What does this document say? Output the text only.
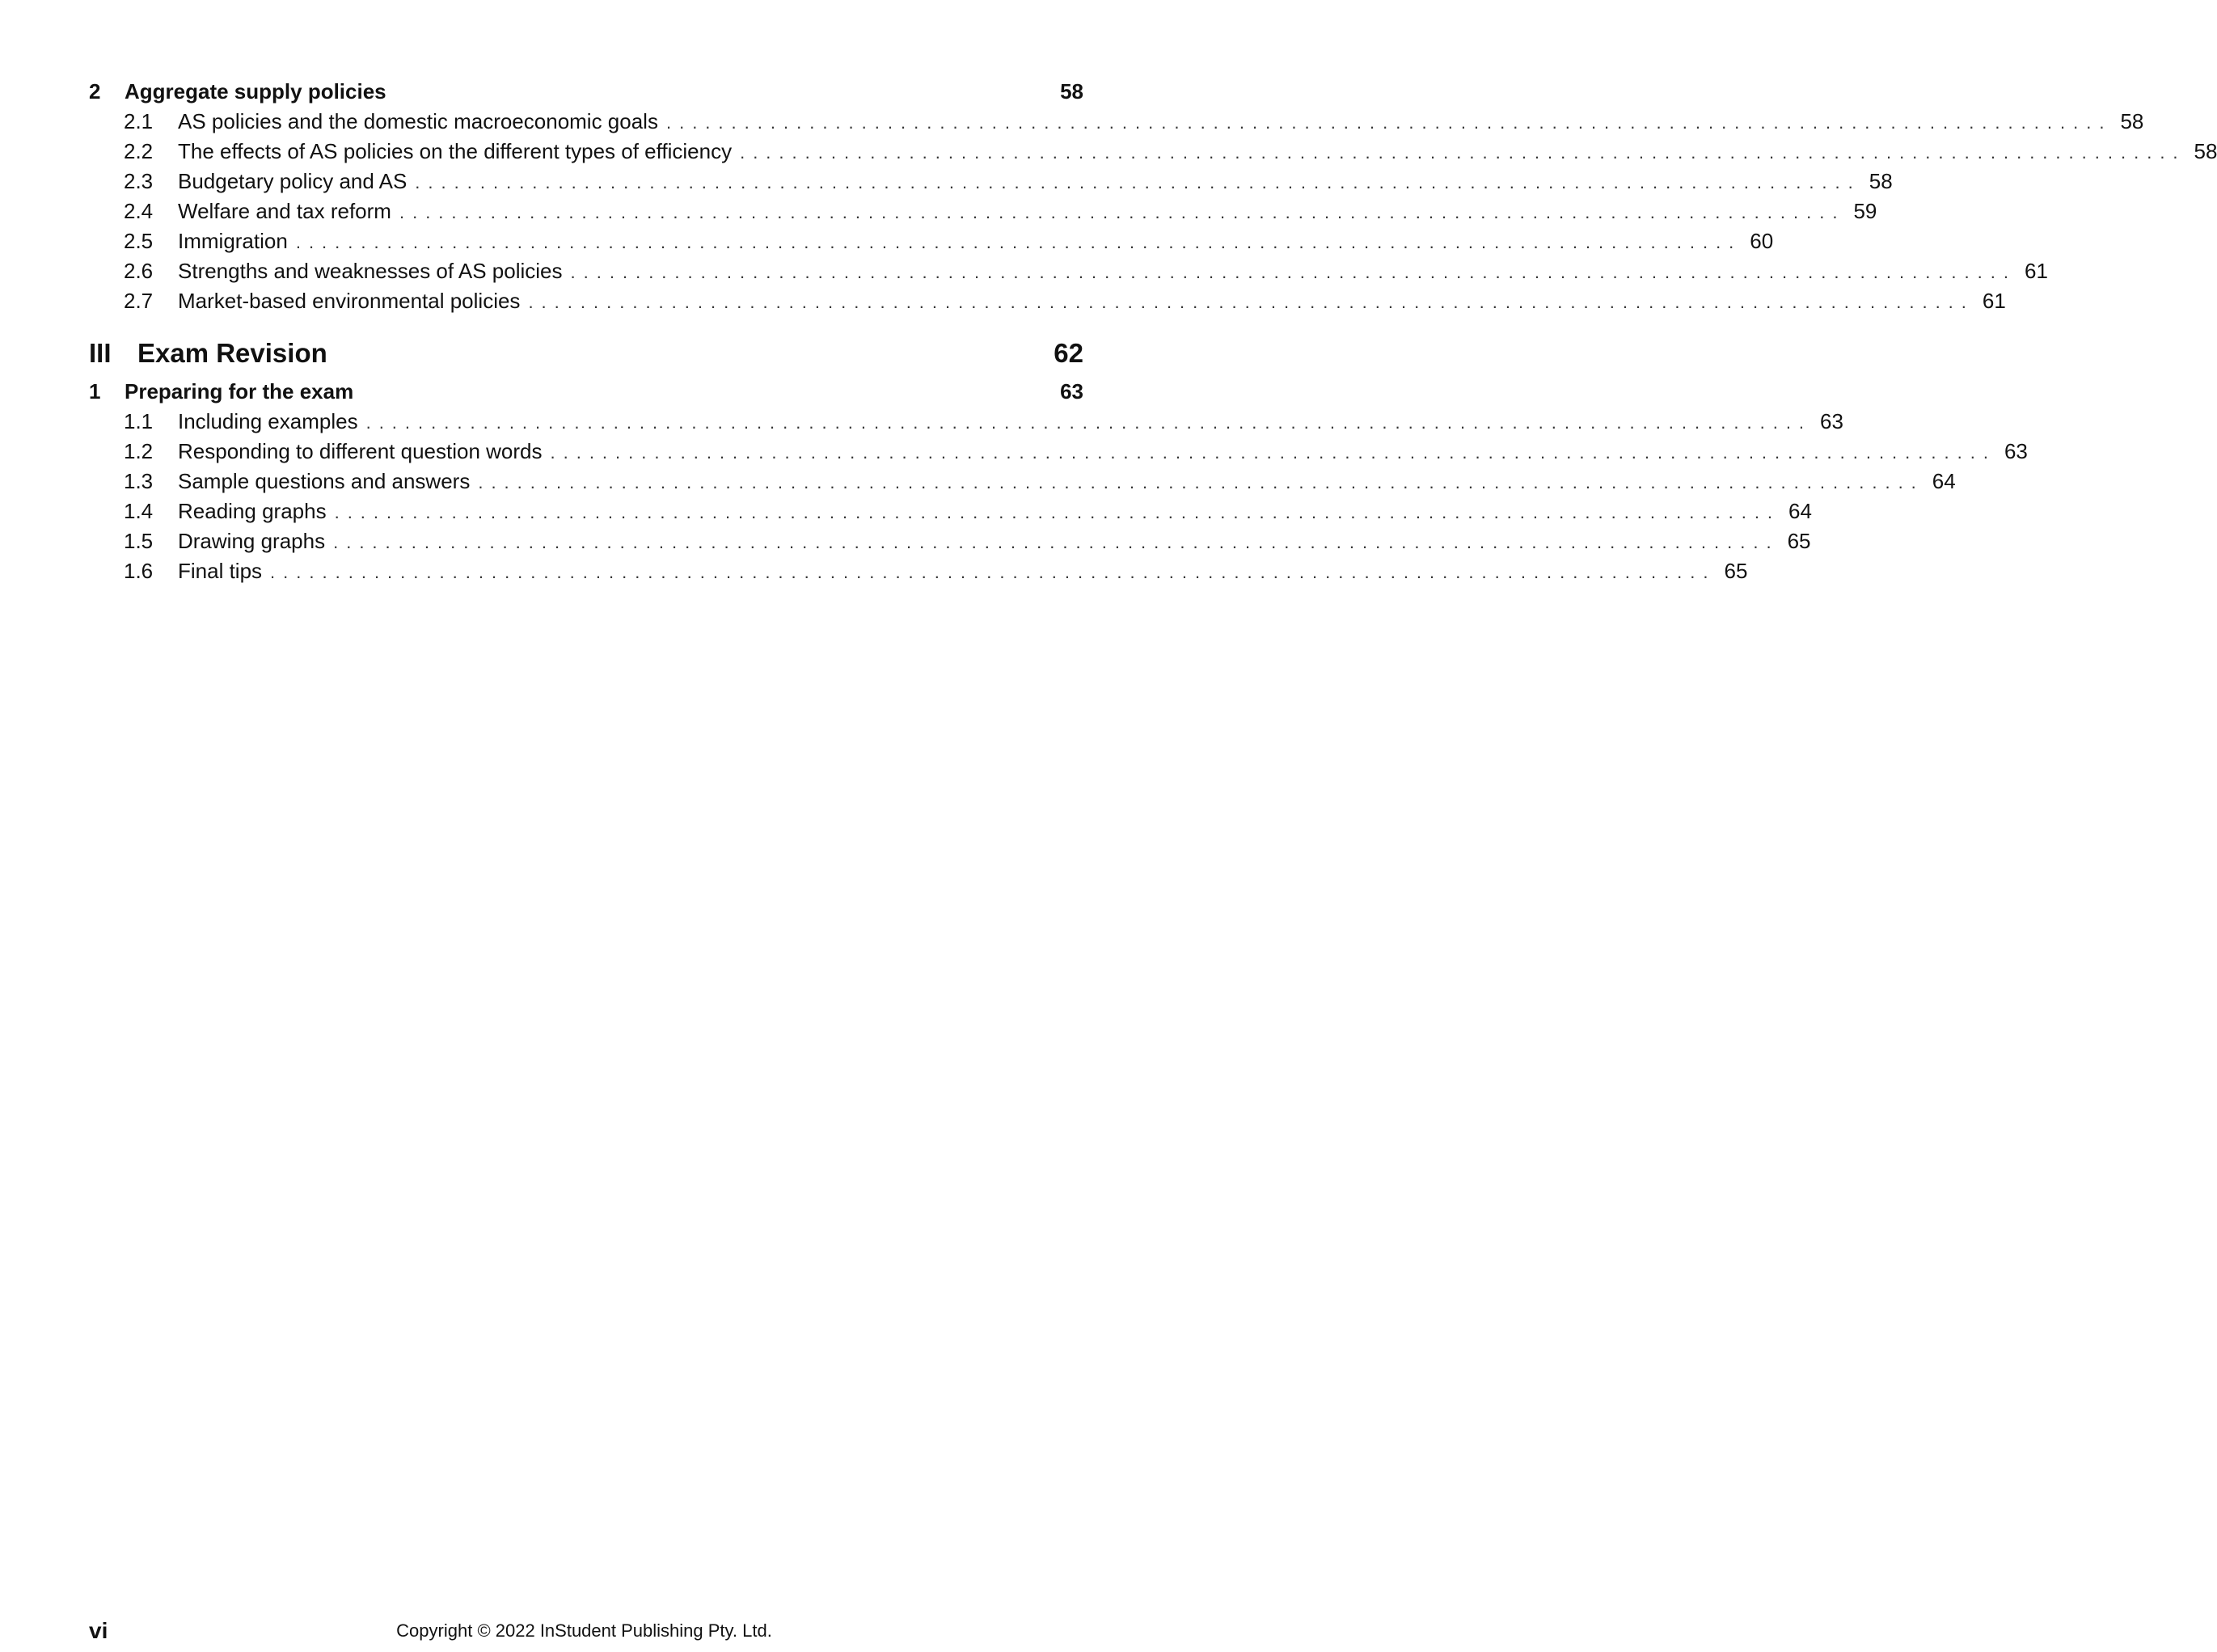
2	Aggregate supply policies	58
2.1	AS policies and the domestic macroeconomic goals ............................................................................................................... 58
2.2	The effects of AS policies on the different types of efficiency ............................................................................................................... 58
2.3	Budgetary policy and AS ............................................................................................................... 58
2.4	Welfare and tax reform ............................................................................................................... 59
2.5	Immigration ............................................................................................................... 60
2.6	Strengths and weaknesses of AS policies ............................................................................................................... 61
2.7	Market-based environmental policies ............................................................................................................... 61
III Exam Revision	62
1	Preparing for the exam	63
1.1	Including examples ............................................................................................................... 63
1.2	Responding to different question words ............................................................................................................... 63
1.3	Sample questions and answers ............................................................................................................... 64
1.4	Reading graphs ............................................................................................................... 64
1.5	Drawing graphs ............................................................................................................... 65
1.6	Final tips ............................................................................................................... 65
vi	Copyright © 2022 InStudent Publishing Pty. Ltd.
